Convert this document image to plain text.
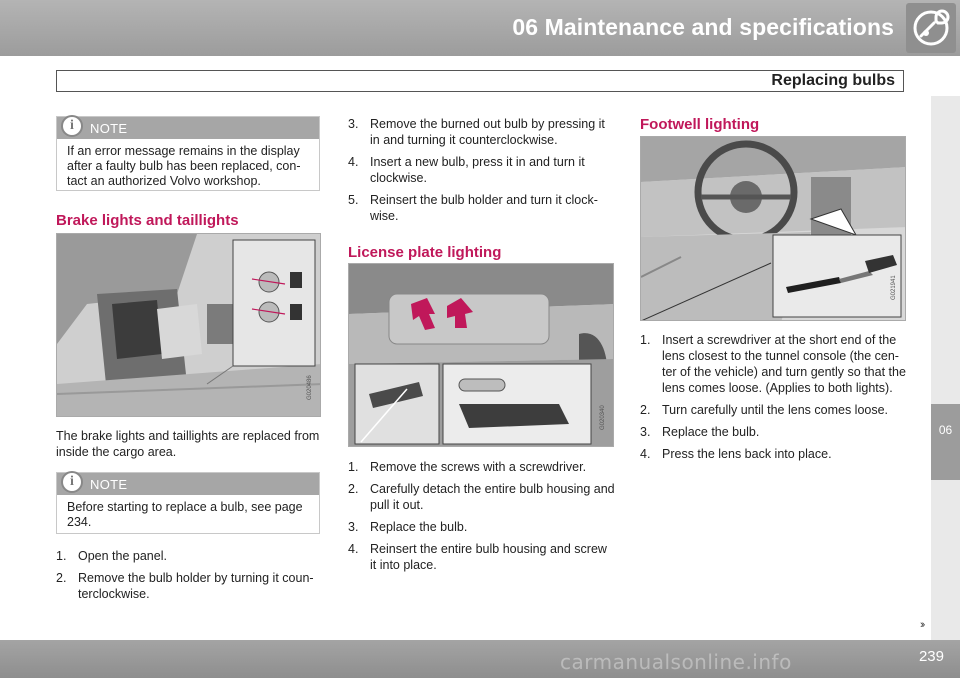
06 Maintenance and specifications
Replacing bulbs
06
i	NOTE

If an error message remains in the display after a faulty bulb has been replaced, con-tact an authorized Volvo workshop.

Brake lights and taillights
G020486

The brake lights and taillights are replaced from inside the cargo area.

i	NOTE

Before starting to replace a bulb, see page 234.

1. Open the panel.
2. Remove the bulb holder by turning it coun-terclockwise.
3. Remove the burned out bulb by pressing it in and turning it counterclockwise.
4. Insert a new bulb, press it in and turn it clockwise.
5. Reinsert the bulb holder and turn it clock-wise.
License plate lighting
G020340
1. Remove the screws with a screwdriver.
2. Carefully detach the entire bulb housing and pull it out.
3. Replace the bulb.
4. Reinsert the entire bulb housing and screw it into place.
Footwell lighting
G021941
1. Insert a screwdriver at the short end of the lens closest to the tunnel console (the cen-ter of the vehicle) and turn gently so that the lens comes loose. (Applies to both lights).
2. Turn carefully until the lens comes loose.
3. Replace the bulb.
4. Press the lens back into place.
››
239
carmanualsonline.info
